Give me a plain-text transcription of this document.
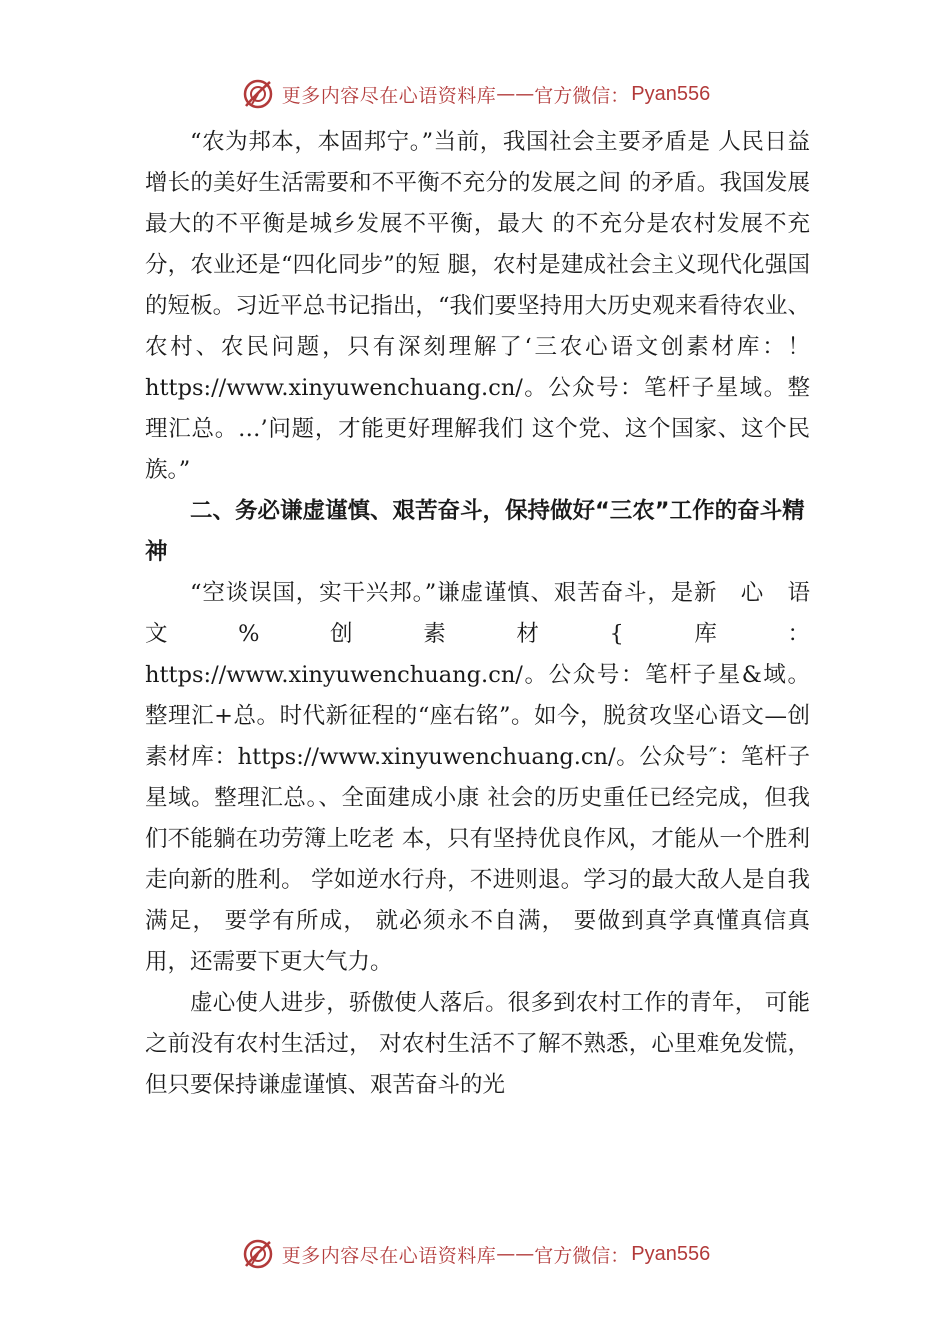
更多内容尽在心语资料库 —— 官方微信： Pyan556

“农为邦本，本固邦宁。”当前，我国社会主要矛盾是 人民日益增长的美好生活需要和不平衡不充分的发展之间 的矛盾。我国发展最大的不平衡是城乡发展不平衡，最大 的不充分是农村发展不充分，农业还是“四化同步”的短 腿，农村是建成社会主义现代化强国的短板。习近平总书记指出，“我们要坚持用大历史观来看待农业、农村、农民问题，只有深刻理解了‘三农心语文创素材库：！https://www.xinyuwenchuang.cn/。公众号：笔杆子星域。整理汇总。…’问题，才能更好理解我们 这个党、这个国家、这个民族。”

二、务必谦虚谨慎、艰苦奋斗，保持做好“三农”工作的奋斗精神

“空谈误国，实干兴邦。”谦虚谨慎、艰苦奋斗，是新　心　语　文　%　创　素　材　{　库　：https://www.xinyuwenchuang.cn/。公众号：笔杆子星&域。整理汇+总。时代新征程的“座右铭”。如今，脱贫攻坚心语文—创素材库：https://www.xinyuwenchuang.cn/。公众号″：笔杆子星域。整理汇总。、全面建成小康 社会的历史重任已经完成，但我们不能躺在功劳簿上吃老 本，只有坚持优良作风，才能从一个胜利走向新的胜利。 学如逆水行舟，不进则退。学习的最大敌人是自我满足， 要学有所成， 就必须永不自满， 要做到真学真懂真信真用，还需要下更大气力。

虚心使人进步，骄傲使人落后。很多到农村工作的青年， 可能之前没有农村生活过， 对农村生活不了解不熟悉，心里难免发慌，但只要保持谦虚谨慎、艰苦奋斗的光

更多内容尽在心语资料库 —— 官方微信： Pyan556
